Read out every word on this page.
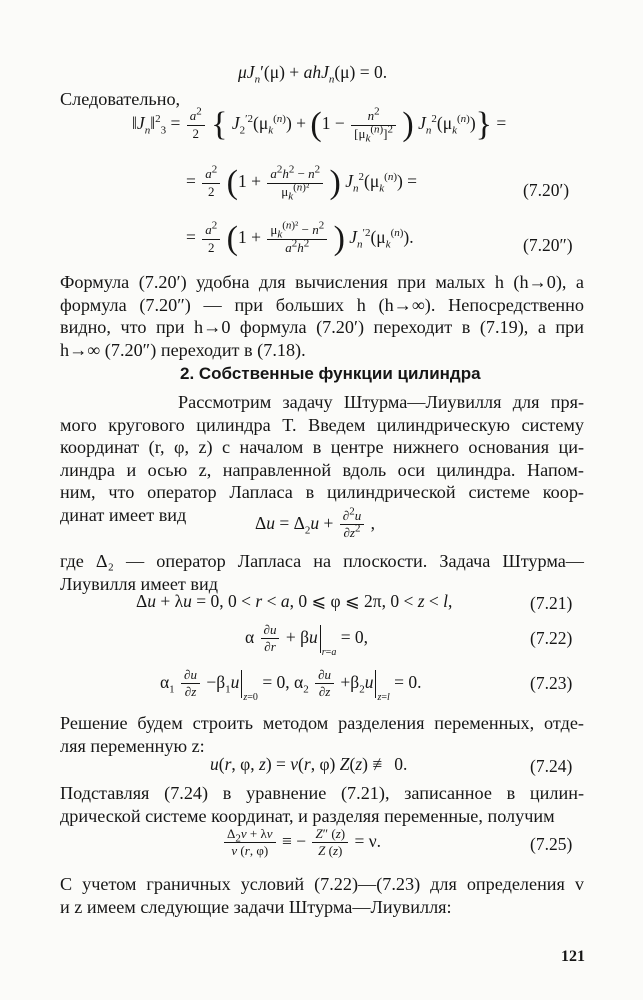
$\mu J_n'(\mu) + ahJ_n(\mu) = 0$.
Следовательно,
$‖J_n‖^2_3 = \frac{a^2}{2}$ { $J_2^{'2}(\mu_k^{(n)}) + (1 - \frac{n^2}{[\mu_k^{(n)}]^2}$ ) $J_n^2(\mu_k^{(n)})$} =
= $\frac{a^2}{2} (1 + \frac{a^2h^2 - n^2}{\mu_k^{(n)^2}}$ ) $J_n^2(\mu_k^{(n)})$ =	(7.20′)
= $\frac{a^2}{2} (1 + \frac{\mu_k^{(n)^2} - n^2}{a^2h^2}$ ) $J_n^{'2}(\mu_k^{(n)})$.	(7.20″)
Формула (7.20′) удобна для вычисления при малых h (h→0), а
формула (7.20″) — при больших h (h→∞). Непосредственно
видно, что при h→0 формула (7.20′) переходит в (7.19), а при
h→∞ (7.20″) переходит в (7.18).
2. Собственные функции цилиндра
Рассмотрим задачу Штурма—Лиувилля для пря-
мого кругового цилиндра T. Введем цилиндрическую систему
координат (r, φ, z) с началом в центре нижнего основания ци-
линдра и осью z, направленной вдоль оси цилиндра. Напом-
ним, что оператор Лапласа в цилиндрической системе коор-
динат имеет вид	$\Delta u = \Delta_2u + \frac{\partial^2u}{\partial z^2}$ ,
где Δ₂ — оператор Лапласа на плоскости. Задача Штурма—
Лиувилля имеет вид
Δu + λu = 0, 0 < r < a, 0 ⩽ φ ⩽ 2π, 0 < z < l,	(7.21)
α $\frac{\partial u}{\partial r} + \beta u_{r=a} = 0$,	(7.22)
$\alpha_1 \frac{\partial u}{\partial z} -\beta_1u_{z=0} = 0$, $\alpha_2 \frac{\partial u}{\partial z} +\beta_2u_{z=l} = 0$.	(7.23)
Решение будем строить методом разделения переменных, отде-
ляя переменную z:
u(r, φ, z) = v(r, φ) Z(z) ≢ 0.	(7.24)
Подставляя (7.24) в уравнение (7.21), записанное в цилин-
дрической системе координат, и разделяя переменные, получим
$\frac{\Delta_2v + \lambda v}{v (r, \varphi)}$ ≡ − $\frac{Z'' (z)}{Z (z)} = \nu$.	(7.25)
С учетом граничных условий (7.22)—(7.23) для определения v
и z имеем следующие задачи Штурма—Лиувилля:
121
